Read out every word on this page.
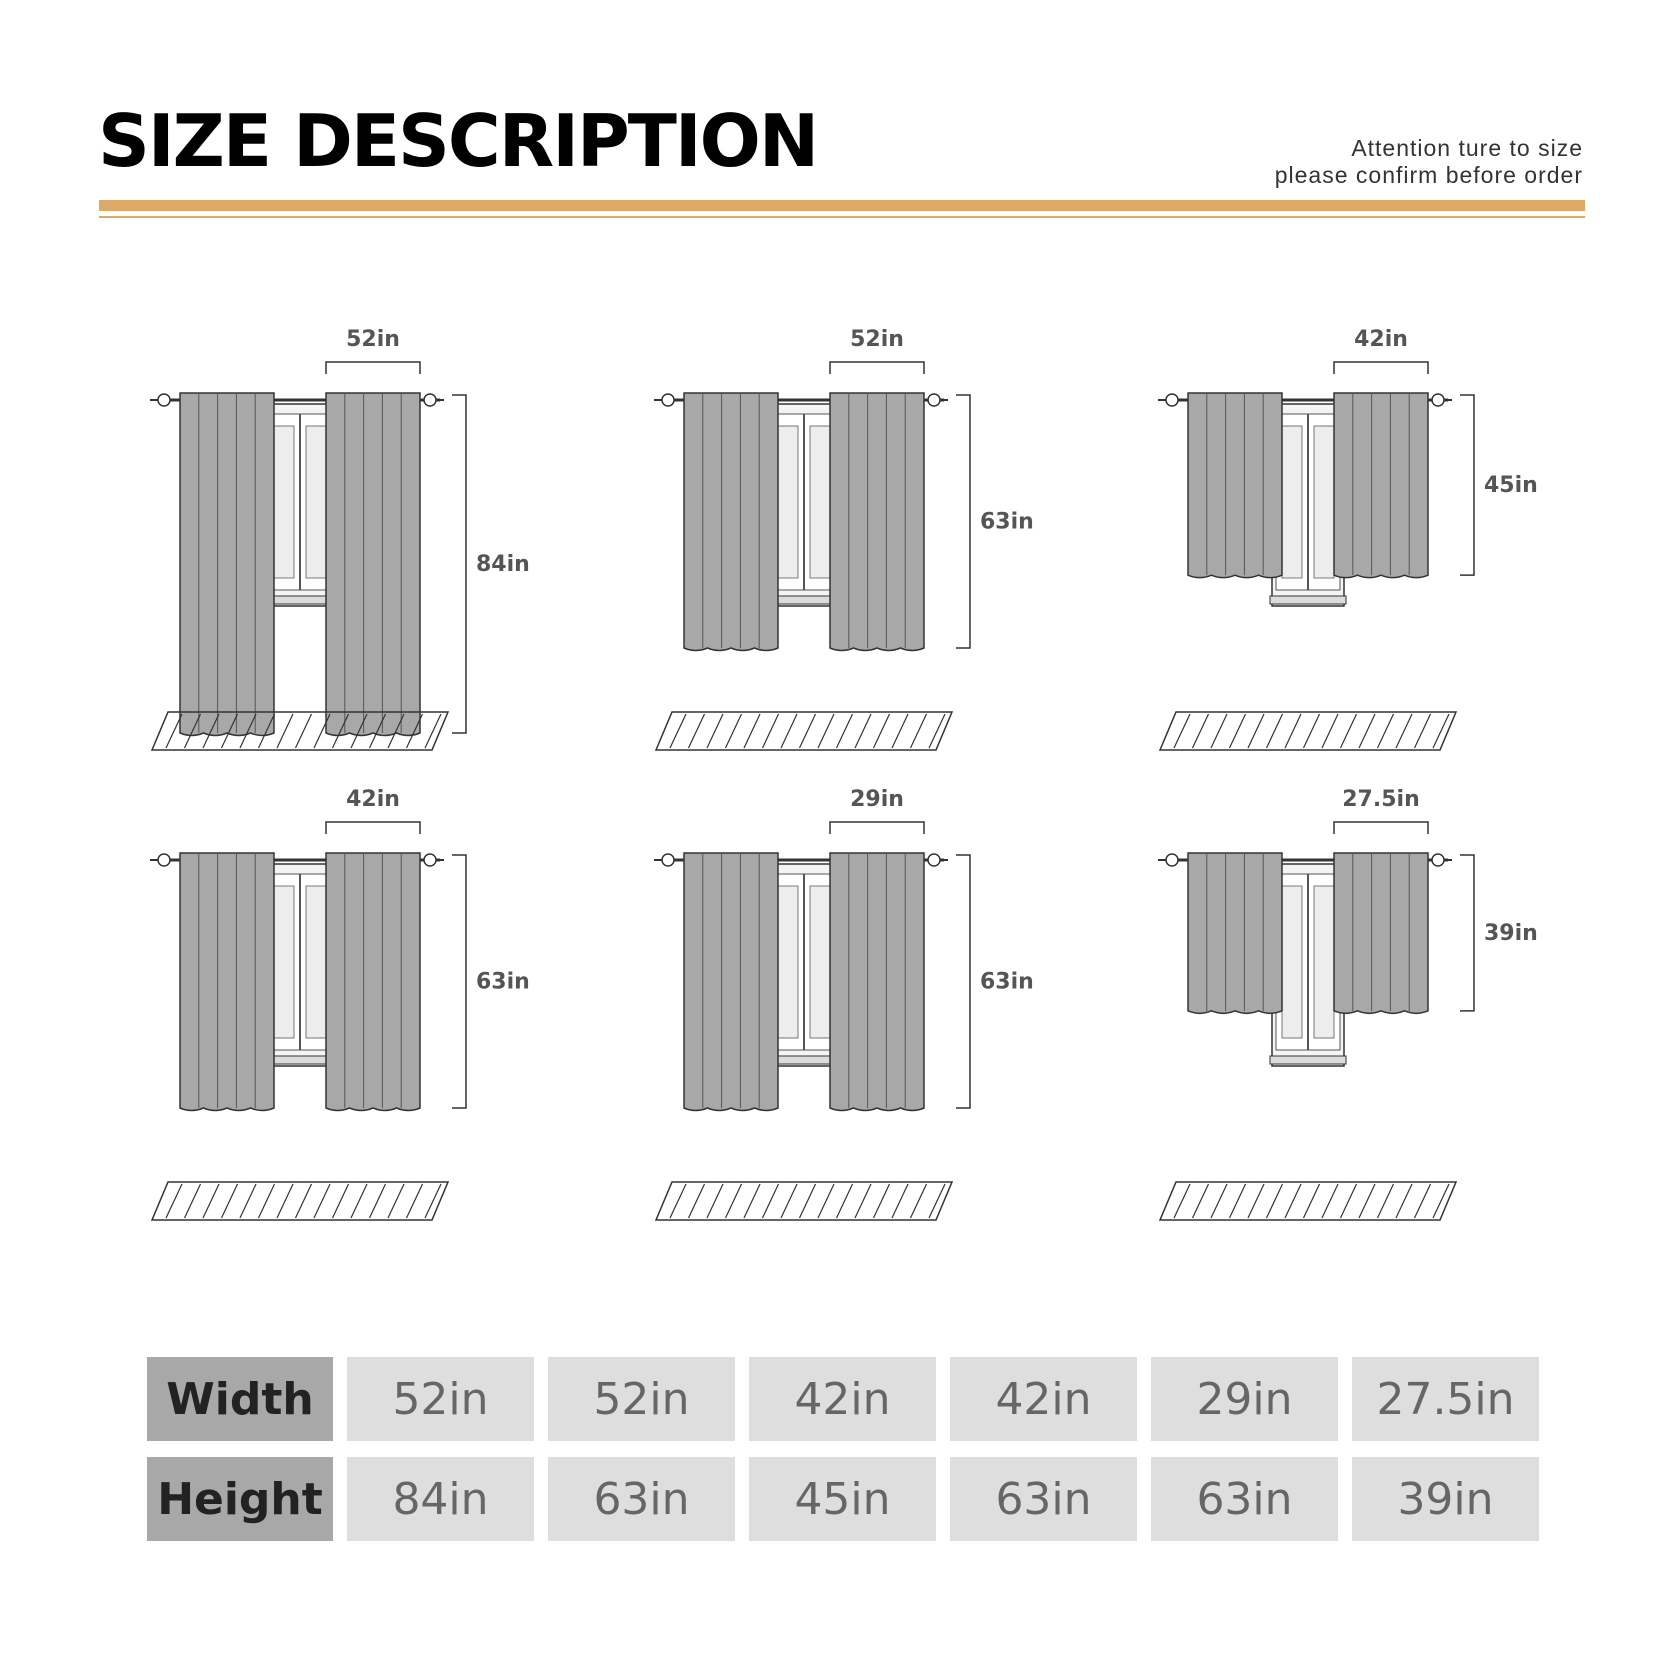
SIZE DESCRIPTION	Attention ture to size
please confirm before order
52in
84in
52in
63in
42in
45in
42in
63in
29in
63in
27.5in
39in
Width	52in	52in	42in	42in	29in	27.5in
Height	84in	63in	45in	63in	63in	39in
